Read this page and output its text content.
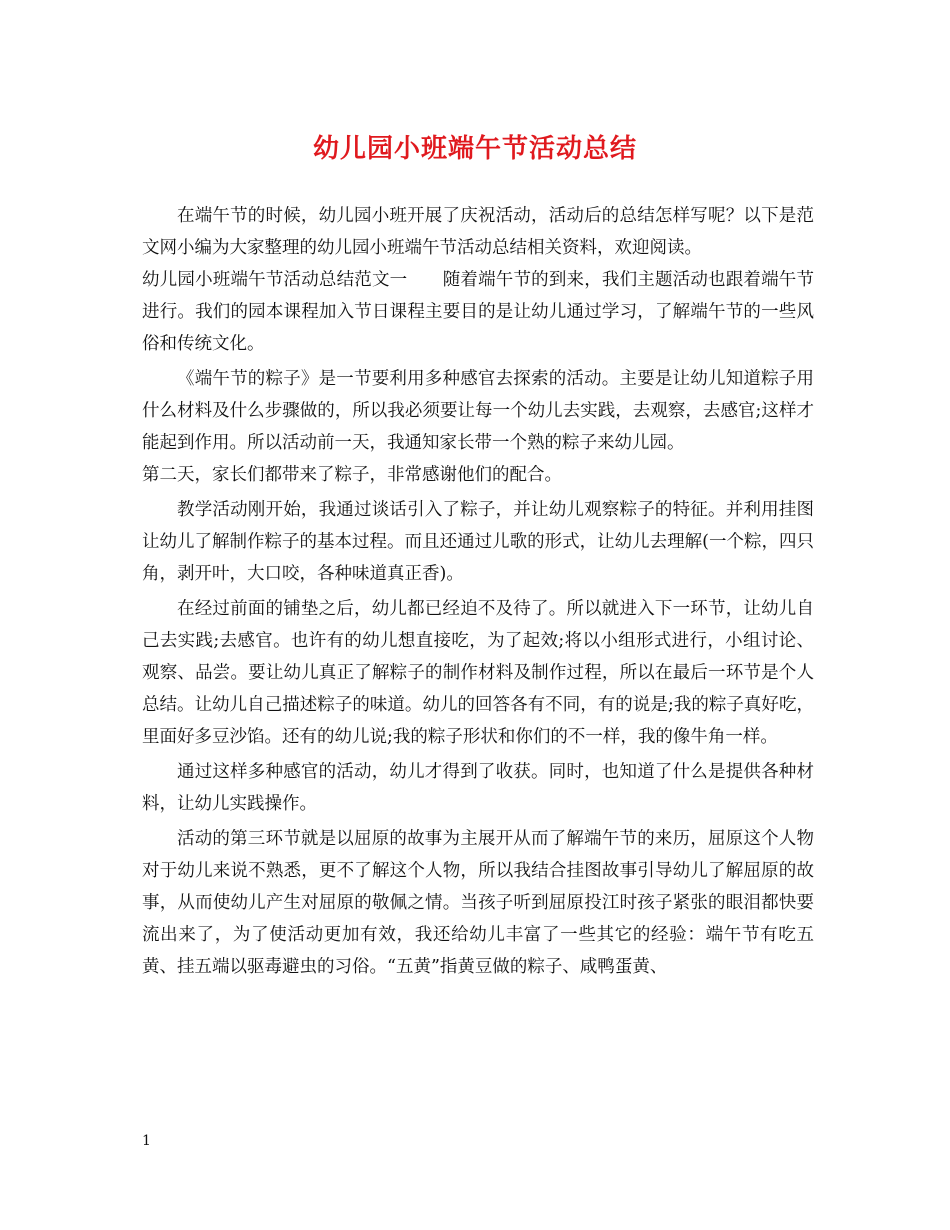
幼儿园小班端午节活动总结

在端午节的时候，幼儿园小班开展了庆祝活动，活动后的总结怎样写呢？以下是范文网小编为大家整理的幼儿园小班端午节活动总结相关资料，欢迎阅读。

幼儿园小班端午节活动总结范文一　　随着端午节的到来，我们主题活动也跟着端午节进行。我们的园本课程加入节日课程主要目的是让幼儿通过学习，了解端午节的一些风俗和传统文化。

《端午节的粽子》是一节要利用多种感官去探索的活动。主要是让幼儿知道粽子用什么材料及什么步骤做的，所以我必须要让每一个幼儿去实践，去观察，去感官;这样才能起到作用。所以活动前一天，我通知家长带一个熟的粽子来幼儿园。

第二天，家长们都带来了粽子，非常感谢他们的配合。

教学活动刚开始，我通过谈话引入了粽子，并让幼儿观察粽子的特征。并利用挂图让幼儿了解制作粽子的基本过程。而且还通过儿歌的形式，让幼儿去理解(一个粽，四只角，剥开叶，大口咬，各种味道真正香)。

在经过前面的铺垫之后，幼儿都已经迫不及待了。所以就进入下一环节，让幼儿自己去实践;去感官。也许有的幼儿想直接吃，为了起效;将以小组形式进行，小组讨论、观察、品尝。要让幼儿真正了解粽子的制作材料及制作过程，所以在最后一环节是个人总结。让幼儿自己描述粽子的味道。幼儿的回答各有不同，有的说是;我的粽子真好吃，里面好多豆沙馅。还有的幼儿说;我的粽子形状和你们的不一样，我的像牛角一样。

通过这样多种感官的活动，幼儿才得到了收获。同时，也知道了什么是提供各种材料，让幼儿实践操作。

活动的第三环节就是以屈原的故事为主展开从而了解端午节的来历，屈原这个人物对于幼儿来说不熟悉，更不了解这个人物，所以我结合挂图故事引导幼儿了解屈原的故事，从而使幼儿产生对屈原的敬佩之情。当孩子听到屈原投江时孩子紧张的眼泪都快要流出来了，为了使活动更加有效，我还给幼儿丰富了一些其它的经验：端午节有吃五黄、挂五端以驱毒避虫的习俗。“五黄”指黄豆做的粽子、咸鸭蛋黄、

1
